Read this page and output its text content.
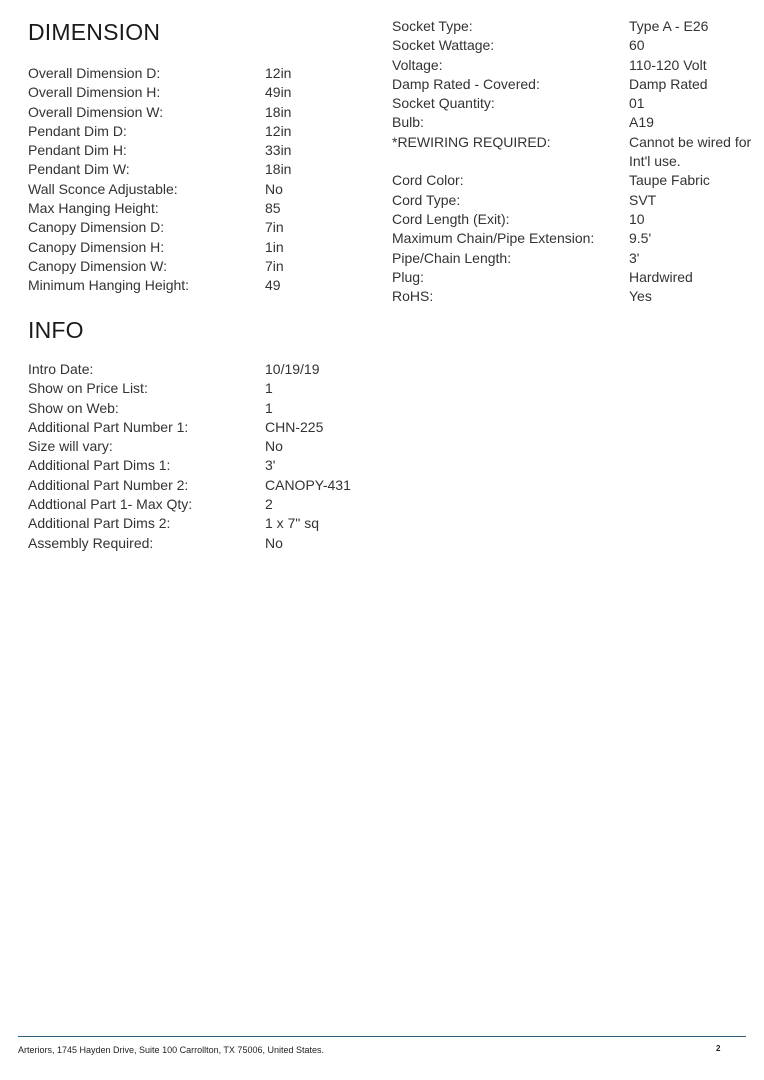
DIMENSION
Overall Dimension D:	12in
Overall Dimension H:	49in
Overall Dimension W:	18in
Pendant Dim D:	12in
Pendant Dim H:	33in
Pendant Dim W:	18in
Wall Sconce Adjustable:	No
Max Hanging Height:	85
Canopy Dimension D:	7in
Canopy Dimension H:	1in
Canopy Dimension W:	7in
Minimum Hanging Height:	49
INFO
Intro Date:	10/19/19
Show on Price List:	1
Show on Web:	1
Additional Part Number 1:	CHN-225
Size will vary:	No
Additional Part Dims 1:	3'
Additional Part Number 2:	CANOPY-431
Addtional Part 1- Max Qty:	2
Additional Part Dims 2:	1 x 7" sq
Assembly Required:	No
Socket Type:	Type A - E26
Socket Wattage:	60
Voltage:	110-120 Volt
Damp Rated - Covered:	Damp Rated
Socket Quantity:	01
Bulb:	A19
*REWIRING REQUIRED:	Cannot be wired for Int'l use.
Cord Color:	Taupe Fabric
Cord Type:	SVT
Cord Length (Exit):	10
Maximum Chain/Pipe Extension:	9.5'
Pipe/Chain Length:	3'
Plug:	Hardwired
RoHS:	Yes
Arteriors, 1745 Hayden Drive, Suite 100 Carrollton, TX 75006, United States.	2
